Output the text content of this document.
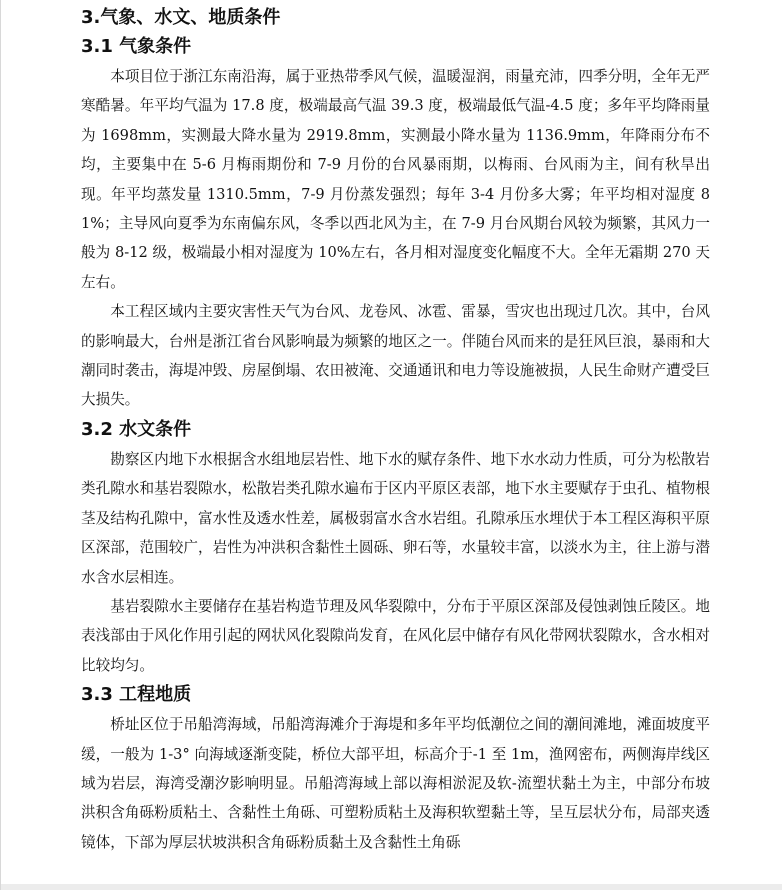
3.气象、水文、地质条件
3.1 气象条件

本项目位于浙江东南沿海，属于亚热带季风气候，温暖湿润，雨量充沛，四季分明，全年无严寒酷暑。年平均气温为 17.8 度，极端最高气温 39.3 度，极端最低气温-4.5 度；多年平均降雨量为 1698mm，实测最大降水量为 2919.8mm，实测最小降水量为 1136.9mm，年降雨分布不均，主要集中在 5-6 月梅雨期份和 7-9 月份的台风暴雨期，以梅雨、台风雨为主，间有秋旱出现。年平均蒸发量 1310.5mm，7-9 月份蒸发强烈；每年 3-4 月份多大雾；年平均相对湿度 81%；主导风向夏季为东南偏东风，冬季以西北风为主，在 7-9 月台风期台风较为频繁，其风力一般为 8-12 级，极端最小相对湿度为 10%左右，各月相对湿度变化幅度不大。全年无霜期 270 天左右。

本工程区域内主要灾害性天气为台风、龙卷风、冰雹、雷暴，雪灾也出现过几次。其中，台风的影响最大，台州是浙江省台风影响最为频繁的地区之一。伴随台风而来的是狂风巨浪，暴雨和大潮同时袭击，海堤冲毁、房屋倒塌、农田被淹、交通通讯和电力等设施被损，人民生命财产遭受巨大损失。

3.2 水文条件

勘察区内地下水根据含水组地层岩性、地下水的赋存条件、地下水水动力性质，可分为松散岩类孔隙水和基岩裂隙水，松散岩类孔隙水遍布于区内平原区表部，地下水主要赋存于虫孔、植物根茎及结构孔隙中，富水性及透水性差，属极弱富水含水岩组。孔隙承压水埋伏于本工程区海积平原区深部，范围较广，岩性为冲洪积含黏性土圆砾、卵石等，水量较丰富，以淡水为主，往上游与潜水含水层相连。

基岩裂隙水主要储存在基岩构造节理及风华裂隙中，分布于平原区深部及侵蚀剥蚀丘陵区。地表浅部由于风化作用引起的网状风化裂隙尚发育，在风化层中储存有风化带网状裂隙水，含水相对比较均匀。

3.3 工程地质

桥址区位于吊船湾海域，吊船湾海滩介于海堤和多年平均低潮位之间的潮间滩地，滩面坡度平缓，一般为 1-3° 向海域逐渐变陡，桥位大部平坦，标高介于-1 至 1m，渔网密布，两侧海岸线区域为岩层，海湾受潮汐影响明显。吊船湾海域上部以海相淤泥及软-流塑状黏土为主，中部分布坡洪积含角砾粉质粘土、含黏性土角砾、可塑粉质粘土及海积软塑黏土等，呈互层状分布，局部夹透镜体，下部为厚层状坡洪积含角砾粉质黏土及含黏性土角砾
